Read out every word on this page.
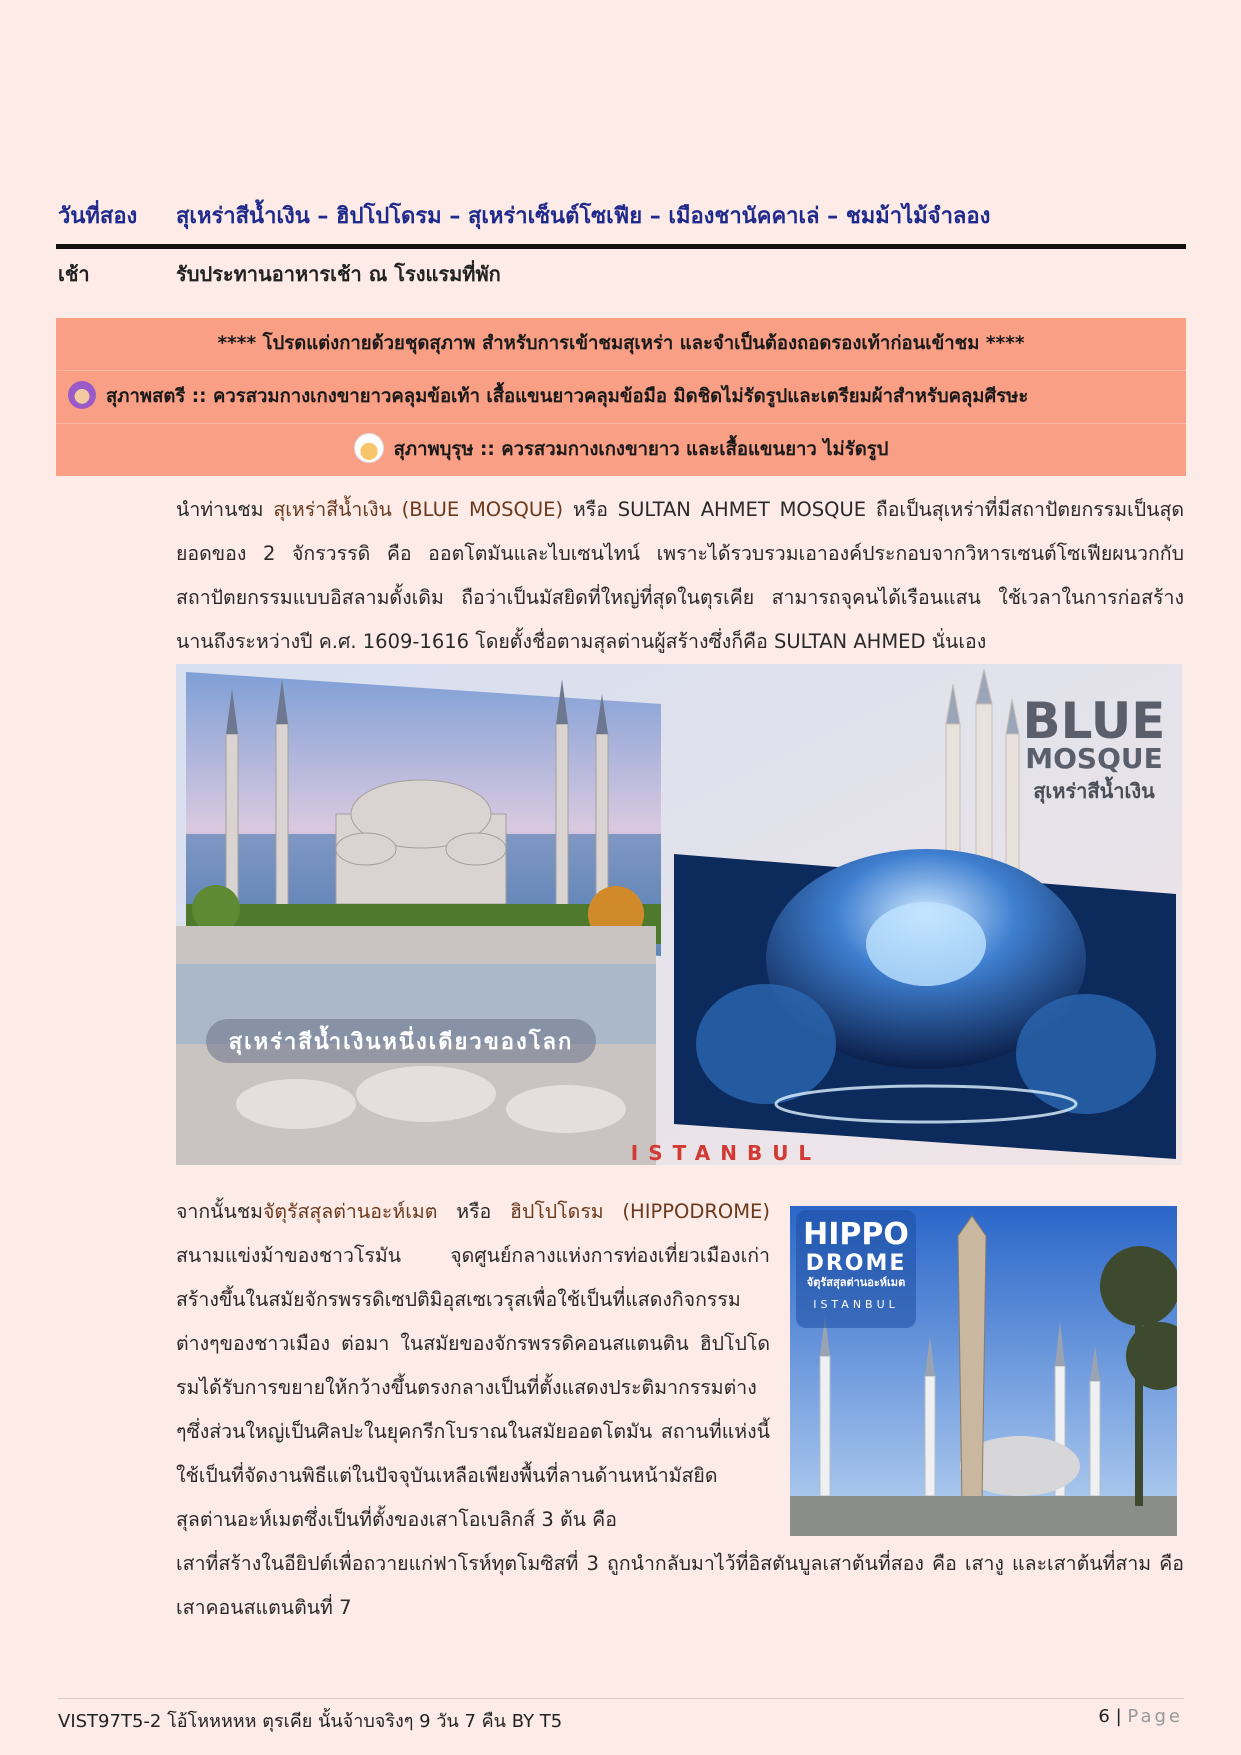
วันที่สอง สุเหร่าสีน้ำเงิน – ฮิปโปโดรม – สุเหร่าเซ็นต์โซเฟีย – เมืองชานัคคาเล่ – ชมม้าไม้จำลอง
เช้า	รับประทานอาหารเช้า ณ โรงแรมที่พัก
**** โปรดแต่งกายด้วยชุดสุภาพ สำหรับการเข้าชมสุเหร่า และจำเป็นต้องถอดรองเท้าก่อนเข้าชม ****
สุภาพสตรี :: ควรสวมกางเกงขายาวคลุมข้อเท้า เสื้อแขนยาวคลุมข้อมือ มิดชิดไม่รัดรูปและเตรียมผ้าสำหรับคลุมศีรษะ
สุภาพบุรุษ :: ควรสวมกางเกงขายาว และเสื้อแขนยาว ไม่รัดรูป

นำท่านชม สุเหร่าสีน้ำเงิน (BLUE MOSQUE) หรือ SULTAN AHMET MOSQUE ถือเป็นสุเหร่าที่มีสถาปัตยกรรมเป็นสุดยอดของ 2 จักรวรรดิ คือ ออตโตมันและไบเซนไทน์ เพราะได้รวบรวมเอาองค์ประกอบจากวิหารเซนต์โซเฟียผนวกกับสถาปัตยกรรมแบบอิสลามดั้งเดิม ถือว่าเป็นมัสยิดที่ใหญ่ที่สุดในตุรเคีย สามารถจุคนได้เรือนแสน ใช้เวลาในการก่อสร้างนานถึงระหว่างปี ค.ศ. 1609-1616 โดยตั้งชื่อตามสุลต่านผู้สร้างซึ่งก็คือ SULTAN AHMED นั่นเอง

สุเหร่าสีน้ำเงินหนึ่งเดียวของโลก
BLUE
MOSQUE
สุเหร่าสีน้ำเงิน
ISTANBUL

จากนั้นชมจัตุรัสสุลต่านอะห์เมต หรือ ฮิปโปโดรม (HIPPODROME) สนามแข่งม้าของชาวโรมัน จุดศูนย์กลางแห่งการท่องเที่ยวเมืองเก่า สร้างขึ้นในสมัยจักรพรรดิเซปติมิอุสเซเวรุสเพื่อใช้เป็นที่แสดงกิจกรรมต่างๆของชาวเมือง ต่อมา ในสมัยของจักรพรรดิคอนสแตนติน ฮิปโปโดรมได้รับการขยายให้กว้างขึ้นตรงกลางเป็นที่ตั้งแสดงประติมากรรมต่าง ๆซึ่งส่วนใหญ่เป็นศิลปะในยุคกรีกโบราณในสมัยออตโตมัน สถานที่แห่งนี้ใช้เป็นที่จัดงานพิธีแต่ในปัจจุบันเหลือเพียงพื้นที่ลานด้านหน้ามัสยิดสุลต่านอะห์เมตซึ่งเป็นที่ตั้งของเสาโอเบลิกส์ 3 ต้น คือ

HIPPO
DROME
จัตุรัสสุลต่านอะห์เมต
ISTANBUL

เสาที่สร้างในอียิปต์เพื่อถวายแก่ฟาโรห์ทุตโมซิสที่ 3 ถูกนำกลับมาไว้ที่อิสตันบูลเสาต้นที่สอง คือ เสางู และเสาต้นที่สาม คือเสาคอนสแตนตินที่ 7

VIST97T5-2 โอ้โหหหหห ตุรเคีย นั้นจ้าบจริงๆ 9 วัน 7 คืน BY T5	6 | Page
